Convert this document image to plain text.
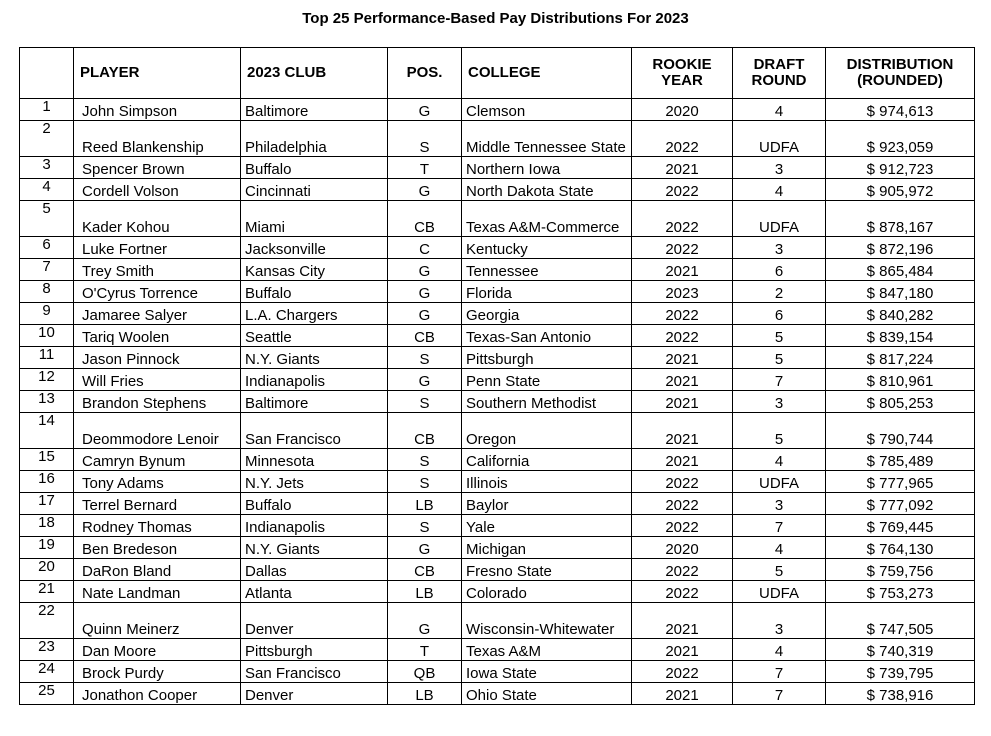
Top 25 Performance-Based Pay Distributions For 2023
	PLAYER	2023 CLUB	POS.	COLLEGE	ROOKIE YEAR	DRAFT ROUND	DISTRIBUTION (ROUNDED)
1	John Simpson	Baltimore	G	Clemson	2020	4	$ 974,613
2	Reed Blankenship	Philadelphia	S	Middle Tennessee State	2022	UDFA	$ 923,059
3	Spencer Brown	Buffalo	T	Northern Iowa	2021	3	$ 912,723
4	Cordell Volson	Cincinnati	G	North Dakota State	2022	4	$ 905,972
5	Kader Kohou	Miami	CB	Texas A&M-Commerce	2022	UDFA	$ 878,167
6	Luke Fortner	Jacksonville	C	Kentucky	2022	3	$ 872,196
7	Trey Smith	Kansas City	G	Tennessee	2021	6	$ 865,484
8	O'Cyrus Torrence	Buffalo	G	Florida	2023	2	$ 847,180
9	Jamaree Salyer	L.A. Chargers	G	Georgia	2022	6	$ 840,282
10	Tariq Woolen	Seattle	CB	Texas-San Antonio	2022	5	$ 839,154
11	Jason Pinnock	N.Y. Giants	S	Pittsburgh	2021	5	$ 817,224
12	Will Fries	Indianapolis	G	Penn State	2021	7	$ 810,961
13	Brandon Stephens	Baltimore	S	Southern Methodist	2021	3	$ 805,253
14	Deommodore Lenoir	San Francisco	CB	Oregon	2021	5	$ 790,744
15	Camryn Bynum	Minnesota	S	California	2021	4	$ 785,489
16	Tony Adams	N.Y. Jets	S	Illinois	2022	UDFA	$ 777,965
17	Terrel Bernard	Buffalo	LB	Baylor	2022	3	$ 777,092
18	Rodney Thomas	Indianapolis	S	Yale	2022	7	$ 769,445
19	Ben Bredeson	N.Y. Giants	G	Michigan	2020	4	$ 764,130
20	DaRon Bland	Dallas	CB	Fresno State	2022	5	$ 759,756
21	Nate Landman	Atlanta	LB	Colorado	2022	UDFA	$ 753,273
22	Quinn Meinerz	Denver	G	Wisconsin-Whitewater	2021	3	$ 747,505
23	Dan Moore	Pittsburgh	T	Texas A&M	2021	4	$ 740,319
24	Brock Purdy	San Francisco	QB	Iowa State	2022	7	$ 739,795
25	Jonathon Cooper	Denver	LB	Ohio State	2021	7	$ 738,916
